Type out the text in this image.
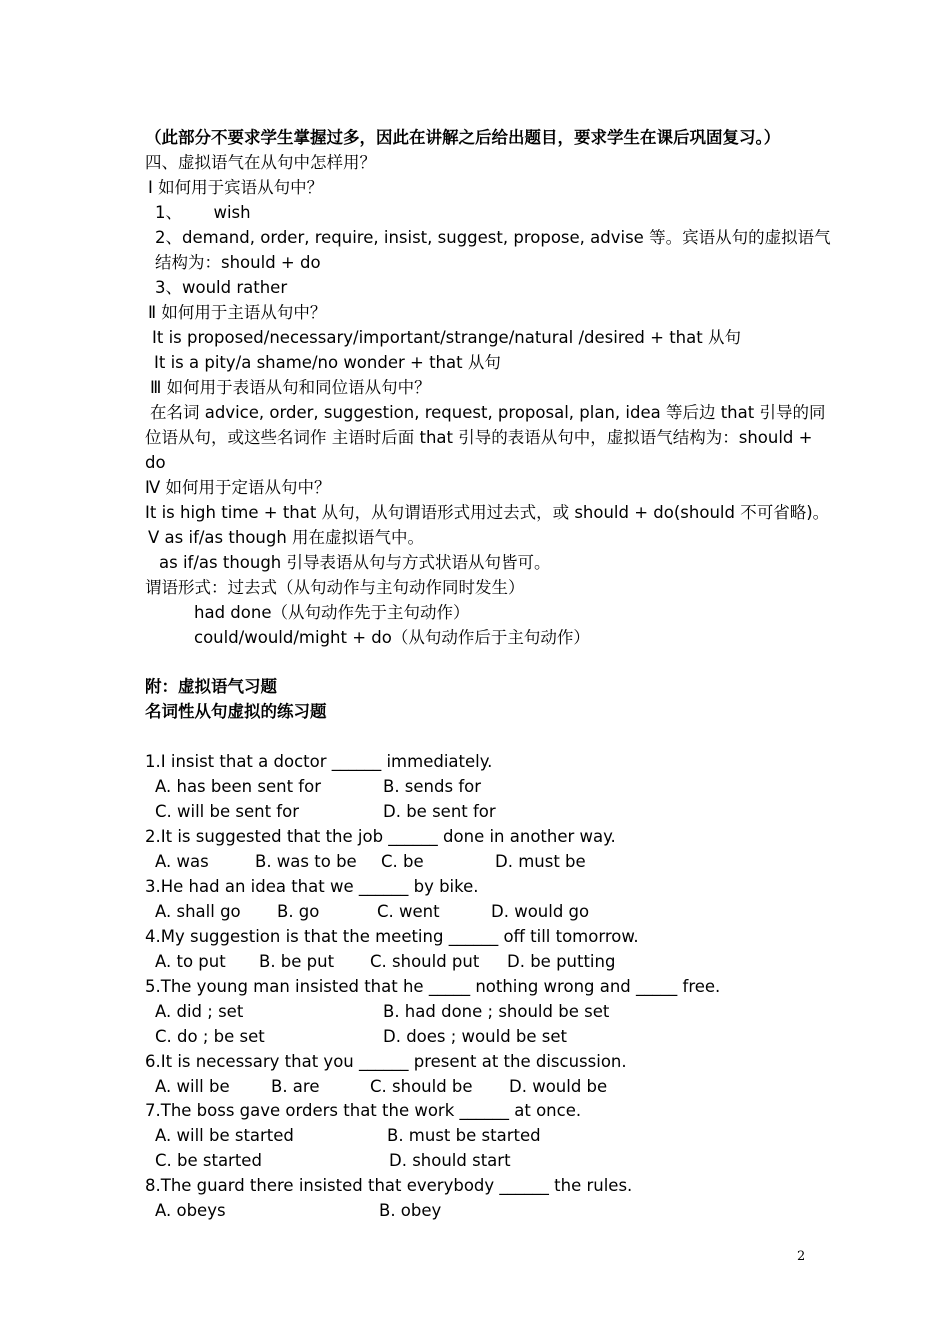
（此部分不要求学生掌握过多，因此在讲解之后给出题目，要求学生在课后巩固复习。）
四、虚拟语气在从句中怎样用？
Ⅰ 如何用于宾语从句中？
1、      wish
2、demand, order, require, insist, suggest, propose, advise 等。宾语从句的虚拟语气
结构为：should + do
3、would rather
Ⅱ 如何用于主语从句中？
It is proposed/necessary/important/strange/natural /desired + that 从句
It is a pity/a shame/no wonder + that 从句
Ⅲ 如何用于表语从句和同位语从句中？
在名词 advice, order, suggestion, request, proposal, plan, idea 等后边 that 引导的同
位语从句，或这些名词作 主语时后面 that 引导的表语从句中，虚拟语气结构为：should +
do
Ⅳ 如何用于定语从句中？
It is high time + that 从句，从句谓语形式用过去式，或 should + do(should 不可省略)。
Ⅴ as if/as though 用在虚拟语气中。
as if/as though 引导表语从句与方式状语从句皆可。
谓语形式：过去式（从句动作与主句动作同时发生）
had done（从句动作先于主句动作）
could/would/might + do（从句动作后于主句动作）
附：虚拟语气习题
名词性从句虚拟的练习题
1.I insist that a doctor ______ immediately.
A. has been sent for	B. sends for
C. will be sent for	D. be sent for
2.It is suggested that the job ______ done in another way.
A. was	B. was to be C. be	D. must be
3.He had an idea that we ______ by bike.
A. shall go B. go	C. went	D. would go
4.My suggestion is that the meeting ______ off till tomorrow.
A. to put B. be put C. should put D. be putting
5.The young man insisted that he _____ nothing wrong and _____ free.
A. did ; set	B. had done ; should be set
C. do ; be set	D. does ; would be set
6.It is necessary that you ______ present at the discussion.
A. will be	B. are	C. should be D. would be
7.The boss gave orders that the work ______ at once.
A. will be started	B. must be started
C. be started	D. should start
8.The guard there insisted that everybody ______ the rules.
A. obeys	B. obey
2
